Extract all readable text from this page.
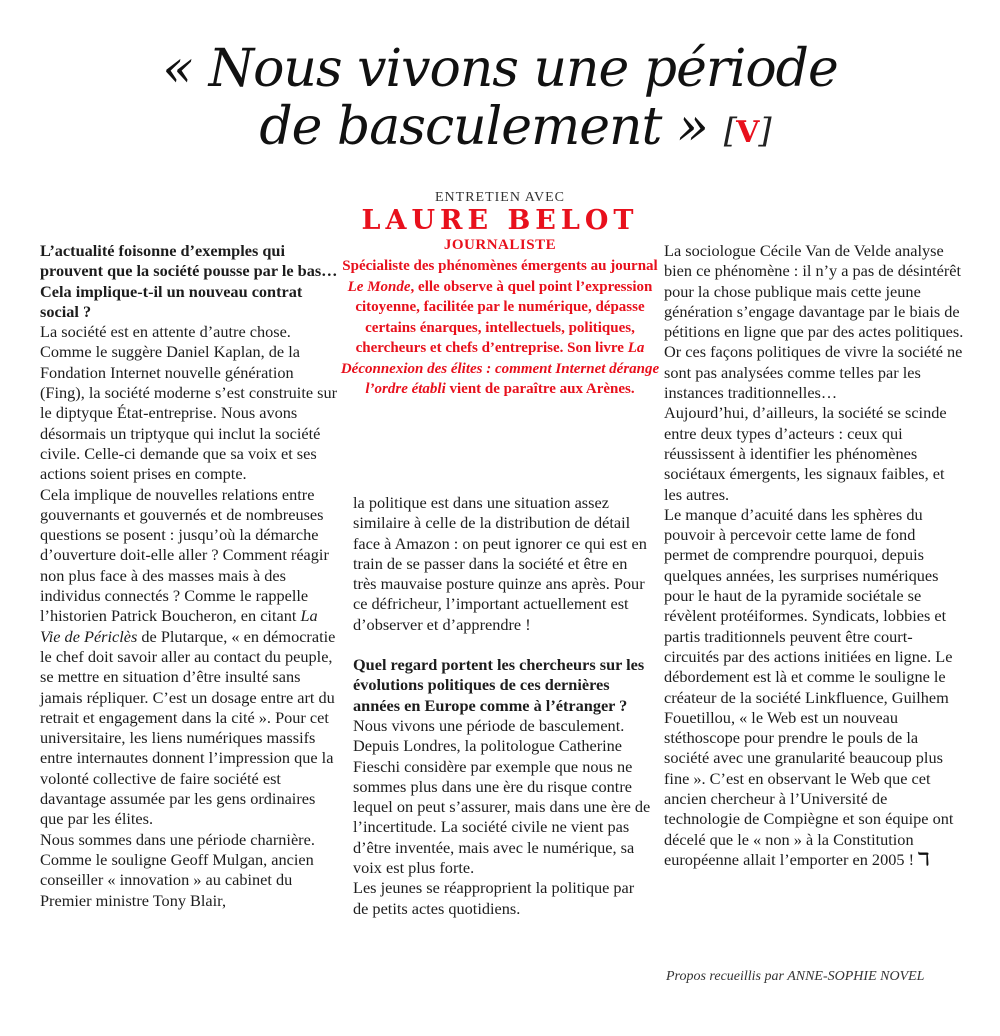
« Nous vivons une période
de basculement » [V]
ENTRETIEN AVEC
LAURE BELOT
JOURNALISTE
Spécialiste des phénomènes émergents au journal Le Monde, elle observe à quel point l’expression citoyenne, facilitée par le numérique, dépasse certains énarques, intellectuels, politiques, chercheurs et chefs d’entreprise. Son livre La Déconnexion des élites : comment Internet dérange l’ordre établi vient de paraître aux Arènes.

L’actualité foisonne d’exemples qui prouvent que la société pousse par le bas… Cela implique-t-il un nouveau contrat social ?

La société est en attente d’autre chose. Comme le suggère Daniel Kaplan, de la Fondation Internet nouvelle génération (Fing), la société moderne s’est construite sur le diptyque État-entreprise. Nous avons désormais un triptyque qui inclut la société civile. Celle-ci demande que sa voix et ses actions soient prises en compte.

Cela implique de nouvelles relations entre gouvernants et gouvernés et de nombreuses questions se posent : jusqu’où la démarche d’ouverture doit-elle aller ? Comment réagir non plus face à des masses mais à des individus connectés ? Comme le rappelle l’historien Patrick Boucheron, en citant La Vie de Périclès de Plutarque, « en démocratie le chef doit savoir aller au contact du peuple, se mettre en situation d’être insulté sans jamais répliquer. C’est un dosage entre art du retrait et engagement dans la cité ». Pour cet universitaire, les liens numériques massifs entre internautes donnent l’impression que la volonté collective de faire société est davantage assumée par les gens ordinaires que par les élites.

Nous sommes dans une période charnière. Comme le souligne Geoff Mulgan, ancien conseiller « innovation » au cabinet du Premier ministre Tony Blair,

la politique est dans une situation assez similaire à celle de la distribution de détail face à Amazon : on peut ignorer ce qui est en train de se passer dans la société et être en très mauvaise posture quinze ans après. Pour ce défricheur, l’important actuellement est d’observer et d’apprendre !

Quel regard portent les chercheurs sur les évolutions politiques de ces dernières années en Europe comme à l’étranger ?

Nous vivons une période de basculement. Depuis Londres, la politologue Catherine Fieschi considère par exemple que nous ne sommes plus dans une ère du risque contre lequel on peut s’assurer, mais dans une ère de l’incertitude. La société civile ne vient pas d’être inventée, mais avec le numérique, sa voix est plus forte.

Les jeunes se réapproprient la politique par de petits actes quotidiens.

La sociologue Cécile Van de Velde analyse bien ce phénomène : il n’y a pas de désintérêt pour la chose publique mais cette jeune génération s’engage davantage par le biais de pétitions en ligne que par des actes politiques. Or ces façons politiques de vivre la société ne sont pas analysées comme telles par les instances traditionnelles…

Aujourd’hui, d’ailleurs, la société se scinde entre deux types d’acteurs : ceux qui réussissent à identifier les phénomènes sociétaux émergents, les signaux faibles, et les autres.

Le manque d’acuité dans les sphères du pouvoir à percevoir cette lame de fond permet de comprendre pourquoi, depuis quelques années, les surprises numériques pour le haut de la pyramide sociétale se révèlent protéiformes. Syndicats, lobbies et partis traditionnels peuvent être court-circuités par des actions initiées en ligne. Le débordement est là et comme le souligne le créateur de la société Linkfluence, Guilhem Fouetillou, « le Web est un nouveau stéthoscope pour prendre le pouls de la société avec une granularité beaucoup plus fine ». C’est en observant le Web que cet ancien chercheur à l’Université de technologie de Compiègne et son équipe ont décelé que le « non » à la Constitution européenne allait l’emporter en 2005 ! ℸ

Propos recueillis par ANNE-SOPHIE NOVEL
